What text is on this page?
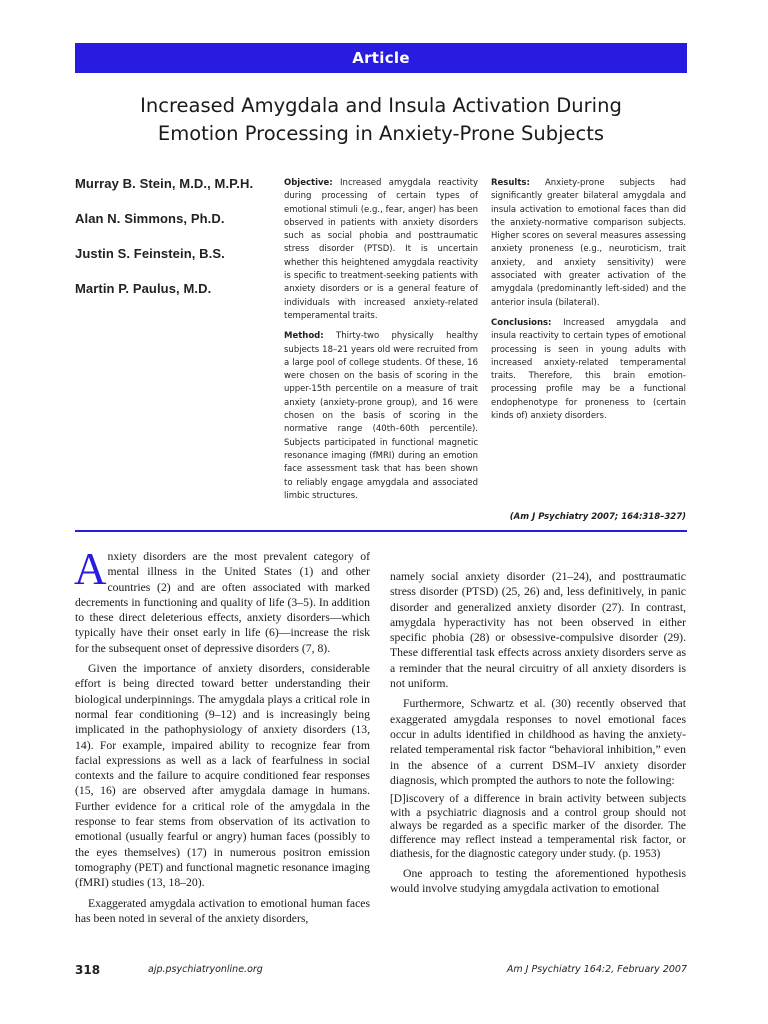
Article
Increased Amygdala and Insula Activation During
Emotion Processing in Anxiety-Prone Subjects
Murray B. Stein, M.D., M.P.H.
Alan N. Simmons, Ph.D.
Justin S. Feinstein, B.S.
Martin P. Paulus, M.D.

Objective: Increased amygdala reactivity during processing of certain types of emotional stimuli (e.g., fear, anger) has been observed in patients with anxiety disorders such as social phobia and posttraumatic stress disorder (PTSD). It is uncertain whether this heightened amygdala reactivity is specific to treatment-seeking patients with anxiety disorders or is a general feature of individuals with increased anxiety-related temperamental traits.

Method: Thirty-two physically healthy subjects 18–21 years old were recruited from a large pool of college students. Of these, 16 were chosen on the basis of scoring in the upper-15th percentile on a measure of trait anxiety (anxiety-prone group), and 16 were chosen on the basis of scoring in the normative range (40th–60th percentile). Subjects participated in functional magnetic resonance imaging (fMRI) during an emotion face assessment task that has been shown to reliably engage amygdala and associated limbic structures.

Results: Anxiety-prone subjects had significantly greater bilateral amygdala and insula activation to emotional faces than did the anxiety-normative comparison subjects. Higher scores on several measures assessing anxiety proneness (e.g., neuroticism, trait anxiety, and anxiety sensitivity) were associated with greater activation of the amygdala (predominantly left-sided) and the anterior insula (bilateral).

Conclusions: Increased amygdala and insula reactivity to certain types of emotional processing is seen in young adults with increased anxiety-related temperamental traits. Therefore, this brain emotion-processing profile may be a functional endophenotype for proneness to (certain kinds of) anxiety disorders.

(Am J Psychiatry 2007; 164:318–327)

Anxiety disorders are the most prevalent category of mental illness in the United States (1) and other countries (2) and are often associated with marked decrements in functioning and quality of life (3–5). In addition to these direct deleterious effects, anxiety disorders—which typically have their onset early in life (6)—increase the risk for the subsequent onset of depressive disorders (7, 8).

Given the importance of anxiety disorders, considerable effort is being directed toward better understanding their biological underpinnings. The amygdala plays a critical role in normal fear conditioning (9–12) and is increasingly being implicated in the pathophysiology of anxiety disorders (13, 14). For example, impaired ability to recognize fear from facial expressions as well as a lack of fearfulness in social contexts and the failure to acquire conditioned fear responses (15, 16) are observed after amygdala damage in humans. Further evidence for a critical role of the amygdala in the response to fear stems from observation of its activation to emotional (usually fearful or angry) human faces (possibly to the eyes themselves) (17) in numerous positron emission tomography (PET) and functional magnetic resonance imaging (fMRI) studies (13, 18–20).

Exaggerated amygdala activation to emotional human faces has been noted in several of the anxiety disorders,

namely social anxiety disorder (21–24), and posttraumatic stress disorder (PTSD) (25, 26) and, less definitively, in panic disorder and generalized anxiety disorder (27). In contrast, amygdala hyperactivity has not been observed in either specific phobia (28) or obsessive-compulsive disorder (29). These differential task effects across anxiety disorders serve as a reminder that the neural circuitry of all anxiety disorders is not uniform.

Furthermore, Schwartz et al. (30) recently observed that exaggerated amygdala responses to novel emotional faces occur in adults identified in childhood as having the anxiety-related temperamental risk factor “behavioral inhibition,” even in the absence of a current DSM–IV anxiety disorder diagnosis, which prompted the authors to note the following:

[D]iscovery of a difference in brain activity between subjects with a psychiatric diagnosis and a control group should not always be regarded as a specific marker of the disorder. The difference may reflect instead a temperamental risk factor, or diathesis, for the diagnostic category under study. (p. 1953)

One approach to testing the aforementioned hypothesis would involve studying amygdala activation to emotional

318	ajp.psychiatryonline.org	Am J Psychiatry 164:2, February 2007
